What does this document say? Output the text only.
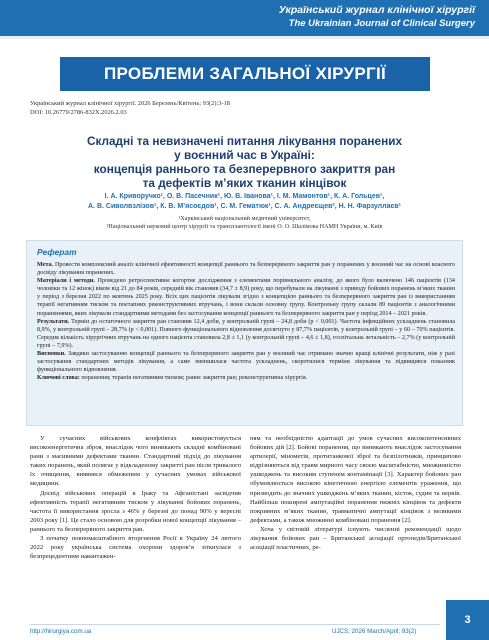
Український журнал клінічної хірургії
The Ukrainian Journal of Clinical Surgery
ПРОБЛЕМИ ЗАГАЛЬНОЇ ХІРУРГІЇ
Український журнал клінічної хірургії. 2026 Березень/Квітень; 93(2):3-18
DOI: 10.26779/2786-832X.2026.2.03
Складні та невизначені питання лікування поранених
у воєнний час в Україні:
концепція раннього та безперервного закриття ран
та дефектів м’яких тканин кінцівок
І. А. Криворучко¹, О. В. Пасечник¹, Ю. В. Іванова¹, І. М. Мамонтов¹, К. А. Гольцев¹,
А. В. Сиволвзлізов¹, К. В. М’ясоєдов¹, С. М. Гематюк¹, С. А. Андреєщев², Н. Н. Фарзуллаєв¹
¹Харківський національний медичний університет,
²Національний науковий центр хірургії та трансплантології імені О. О. Шалімова НАМН України, м. Київ
Реферат
Мета. Провести комплексний аналіз клінічної ефективності концепції раннього та безперервного закриття ран у поранених у воєнний час на основі власного досвіду лікування поранених.
Матеріали і методи. Проведено ретроспективне когортне дослідження з елементами порівняльного аналізу, до якого було включено 146 пацієнтів (134 чоловіки та 12 жінок) віком від 21 до 84 років, середній вік становив (34,7 ± 8,9) року, що перебували на лікуванні з приводу бойових поранень м’яких тканин у період з березня 2022 по жовтень 2025 року. Всіх цих пацієнтів лікували згідно з концепцією раннього та безперервного закриття ран із використанням терапії негативним тиском та поетапних реконструктивних втручань, і вони склали основну групу. Контрольну групу склали 89 пацієнтів з аналогічними пораненнями, яких лікували стандартними методами без застосування концепції раннього та безперервного закриття ран у період 2014 – 2021 років.
Результати. Термін до остаточного закриття ран становив 12,4 доби, у контрольній групі – 24,8 доби (p < 0,001). Частота інфекційних ускладнень становила 8,9%, у контрольній групі – 28,7% (p < 0,001). Повного функціонального відновлення досягнуто у 87,7% пацієнтів, у контрольній групі – у 60 – 70% пацієнтів. Середня кількість хірургічних втручань на одного пацієнта становила 2,8 ± 1,1 (у контрольній групі – 4,6 ± 1,8), госпітальна летальність – 2,7% (у контрольній групі – 7,9%).
Висновки. Завдяки застосуванню концепції раннього та безперервного закриття ран у воєнний час отримано значно кращі клінічні результати, ніж у разі застосування стандартних методів лікування, а саме зменшилася частота ускладнень, скоротилися терміни лікування та підвищився показник функціонального відновлення.
Ключові слова: поранення; терапія негативним тиском; раннє закриття ран; реконструктивна хірургія.

У сучасних військових конфліктах використовується високоенергетична зброя, внаслідок чого виникають складні комбіновані рани з масивними дефектами тканин. Стандартний підхід до лікування таких поранень, який полягає у відкладеному закритті ран після тривалого їх очищення, виявився обмеженим у сучасних умовах військової медицини.

Досвід військових операцій в Іраку та Афганістані засвідчив ефективність терапії негативним тиском у лікуванні бойових поранень, частота її використання зросла з 46% у березні до понад 90% у вересні 2003 року [1]. Це стало основою для розробки нової концепції лікування – раннього та безперервного закриття ран.

З початку повномасштабного вторгнення Росії в Україну 24 лютого 2022 року українська система охорони здоров’я зіткнулася з безпрецедентним навантажен-

ням та необхідністю адаптації до умов сучасних високоінтенсивних бойових дій [2]. Бойові поранення, що виникають внаслідок застосування артилерії, мінометів, протитанкової зброї та безпілотників, принципово відрізняються від травм мирного часу своєю масштабністю, множинністю ушкоджень та високим ступенем контамінації [3]. Характер бойових ран обумовлюється високою кінетичною енергією елементів ураження, що призводить до значних ушкоджень м’яких тканин, кісток, судин та нервів. Найбільш поширені ампутаційні поранення нижніх кінцівок та дефекти покривних м’яких тканин, травматичні ампутації кінцівок з великими дефектами, а також множинні комбіновані поранення [2].

Хоча у світовій літературі існують численні рекомендації щодо лікування бойових ран – Британської асоціації ортопедів/Британської асоціації пластичних, ре-

http://hirurgiya.com.ua	UJCS, 2026 March/April; 93(2)
3
